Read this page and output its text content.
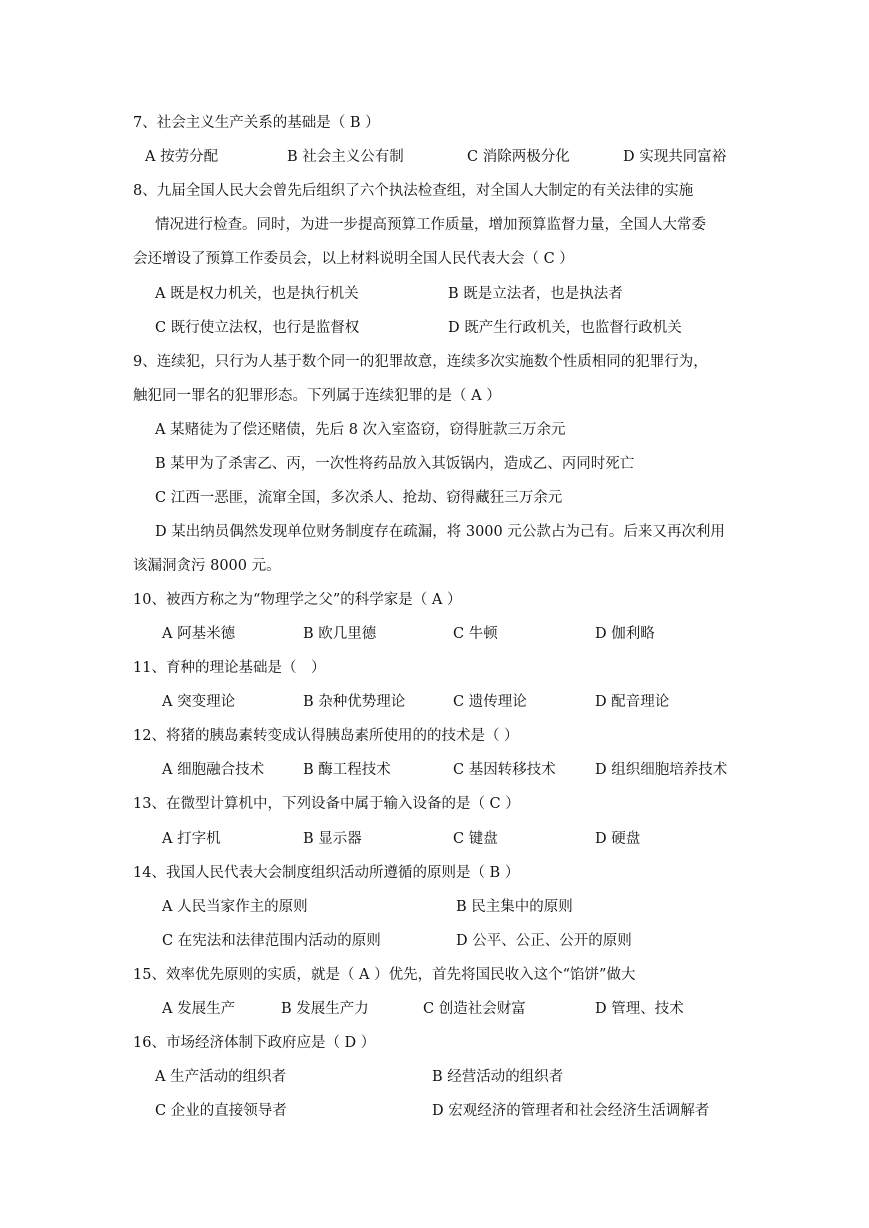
7、社会主义生产关系的基础是（ B ）
A 按劳分配	B 社会主义公有制	C 消除两极分化	D 实现共同富裕
8、九届全国人民大会曾先后组织了六个执法检查组，对全国人大制定的有关法律的实施
情况进行检查。同时，为进一步提高预算工作质量，增加预算监督力量，全国人大常委
会还增设了预算工作委员会，以上材料说明全国人民代表大会（ C ）
A 既是权力机关，也是执行机关	B 既是立法者，也是执法者
C 既行使立法权，也行是监督权	D 既产生行政机关，也监督行政机关
9、连续犯，只行为人基于数个同一的犯罪故意，连续多次实施数个性质相同的犯罪行为，
触犯同一罪名的犯罪形态。下列属于连续犯罪的是（ A ）
A 某赌徒为了偿还赌债，先后 8 次入室盗窃，窃得脏款三万余元
B 某甲为了杀害乙、丙，一次性将药品放入其饭锅内，造成乙、丙同时死亡
C 江西一恶匪，流窜全国，多次杀人、抢劫、窃得藏狂三万余元
D 某出纳员偶然发现单位财务制度存在疏漏，将 3000 元公款占为己有。后来又再次利用
该漏洞贪污 8000 元。
10、被西方称之为“物理学之父”的科学家是（ A ）
A 阿基米德	B 欧几里德	C 牛顿	D 伽利略
11、育种的理论基础是（　）
A 突变理论	B 杂种优势理论	C 遗传理论	D 配音理论
12、将猪的胰岛素转变成认得胰岛素所使用的的技术是（ ）
A 细胞融合技术	B 酶工程技术	C 基因转移技术	D 组织细胞培养技术
13、在微型计算机中，下列设备中属于输入设备的是（ C ）
A 打字机	B 显示器	C 键盘	D 硬盘
14、我国人民代表大会制度组织活动所遵循的原则是（ B ）
A 人民当家作主的原则	B 民主集中的原则
C 在宪法和法律范围内活动的原则	D 公平、公正、公开的原则
15、效率优先原则的实质，就是（ A ）优先，首先将国民收入这个“馅饼”做大
A 发展生产	B 发展生产力	C 创造社会财富	D 管理、技术
16、市场经济体制下政府应是（ D ）
A 生产活动的组织者	B 经营活动的组织者
C 企业的直接领导者	D 宏观经济的管理者和社会经济生活调解者
